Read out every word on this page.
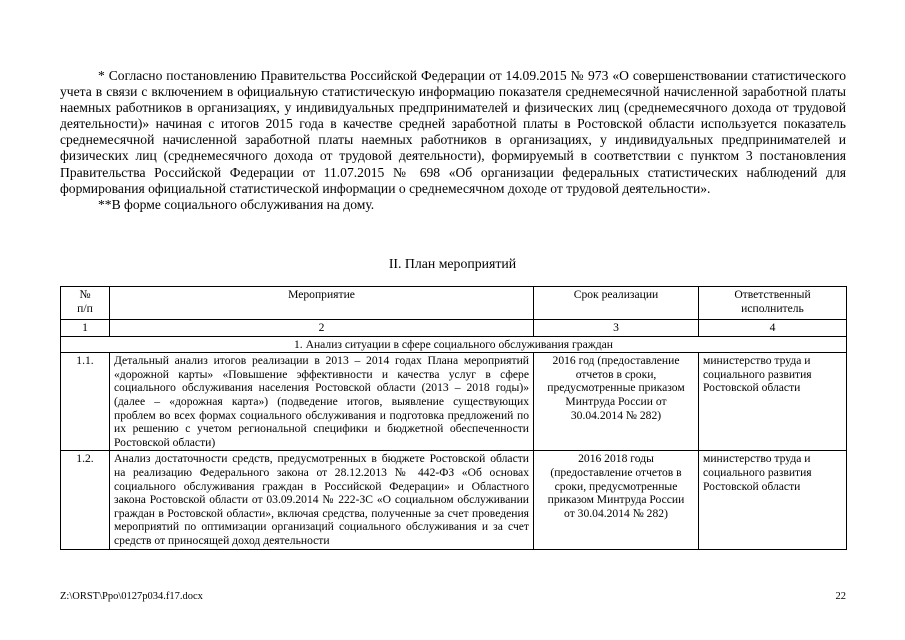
* Согласно постановлению Правительства Российской Федерации от 14.09.2015 № 973 «О совершенствовании статистического учета в связи с включением в официальную статистическую информацию показателя среднемесячной начисленной заработной платы наемных работников в организациях, у индивидуальных предпринимателей и физических лиц (среднемесячного дохода от трудовой деятельности)» начиная с итогов 2015 года в качестве средней заработной платы в Ростовской области используется показатель среднемесячной начисленной заработной платы наемных работников в организациях, у индивидуальных предпринимателей и физических лиц (среднемесячного дохода от трудовой деятельности), формируемый в соответствии с пунктом 3 постановления Правительства Российской Федерации от 11.07.2015 № 698 «Об организации федеральных статистических наблюдений для формирования официальной статистической информации о среднемесячном доходе от трудовой деятельности».

**В форме социального обслуживания на дому.

II. План мероприятий
№ п/п	Мероприятие	Срок реализации	Ответственный исполнитель

1	2	3	4
1. Анализ ситуации в сфере социального обслуживания граждан			
1.1.	Детальный анализ итогов реализации в 2013 – 2014 годах Плана мероприятий «дорожной карты» «Повышение эффективности и качества услуг в сфере социального обслуживания населения Ростовской области (2013 – 2018 годы)» (далее – «дорожная карта») (подведение итогов, выявление существующих проблем во всех формах социального обслуживания и подготовка предложений по их решению с учетом региональной специфики и бюджетной обеспеченности Ростовской области)	2016 год (предоставление отчетов в сроки, предусмотренные приказом Минтруда России от 30.04.2014 № 282)	министерство труда и социального развития Ростовской области

1.2.	Анализ достаточности средств, предусмотренных в бюджете Ростовской области на реализацию Федерального закона от 28.12.2013 № 442-ФЗ «Об основах социального обслуживания граждан в Российской Федерации» и Областного закона Ростовской области от 03.09.2014 № 222-ЗС «О социальном обслуживании граждан в Ростовской области», включая средства, полученные за счет проведения мероприятий по оптимизации организаций социального обслуживания и за счет средств от приносящей доход деятельности	2016 2018 годы (предоставление отчетов в сроки, предусмотренные приказом Минтруда России от 30.04.2014 № 282)	министерство труда и социального развития Ростовской области
Z:\ORST\Ppo\0127p034.f17.docx	22
